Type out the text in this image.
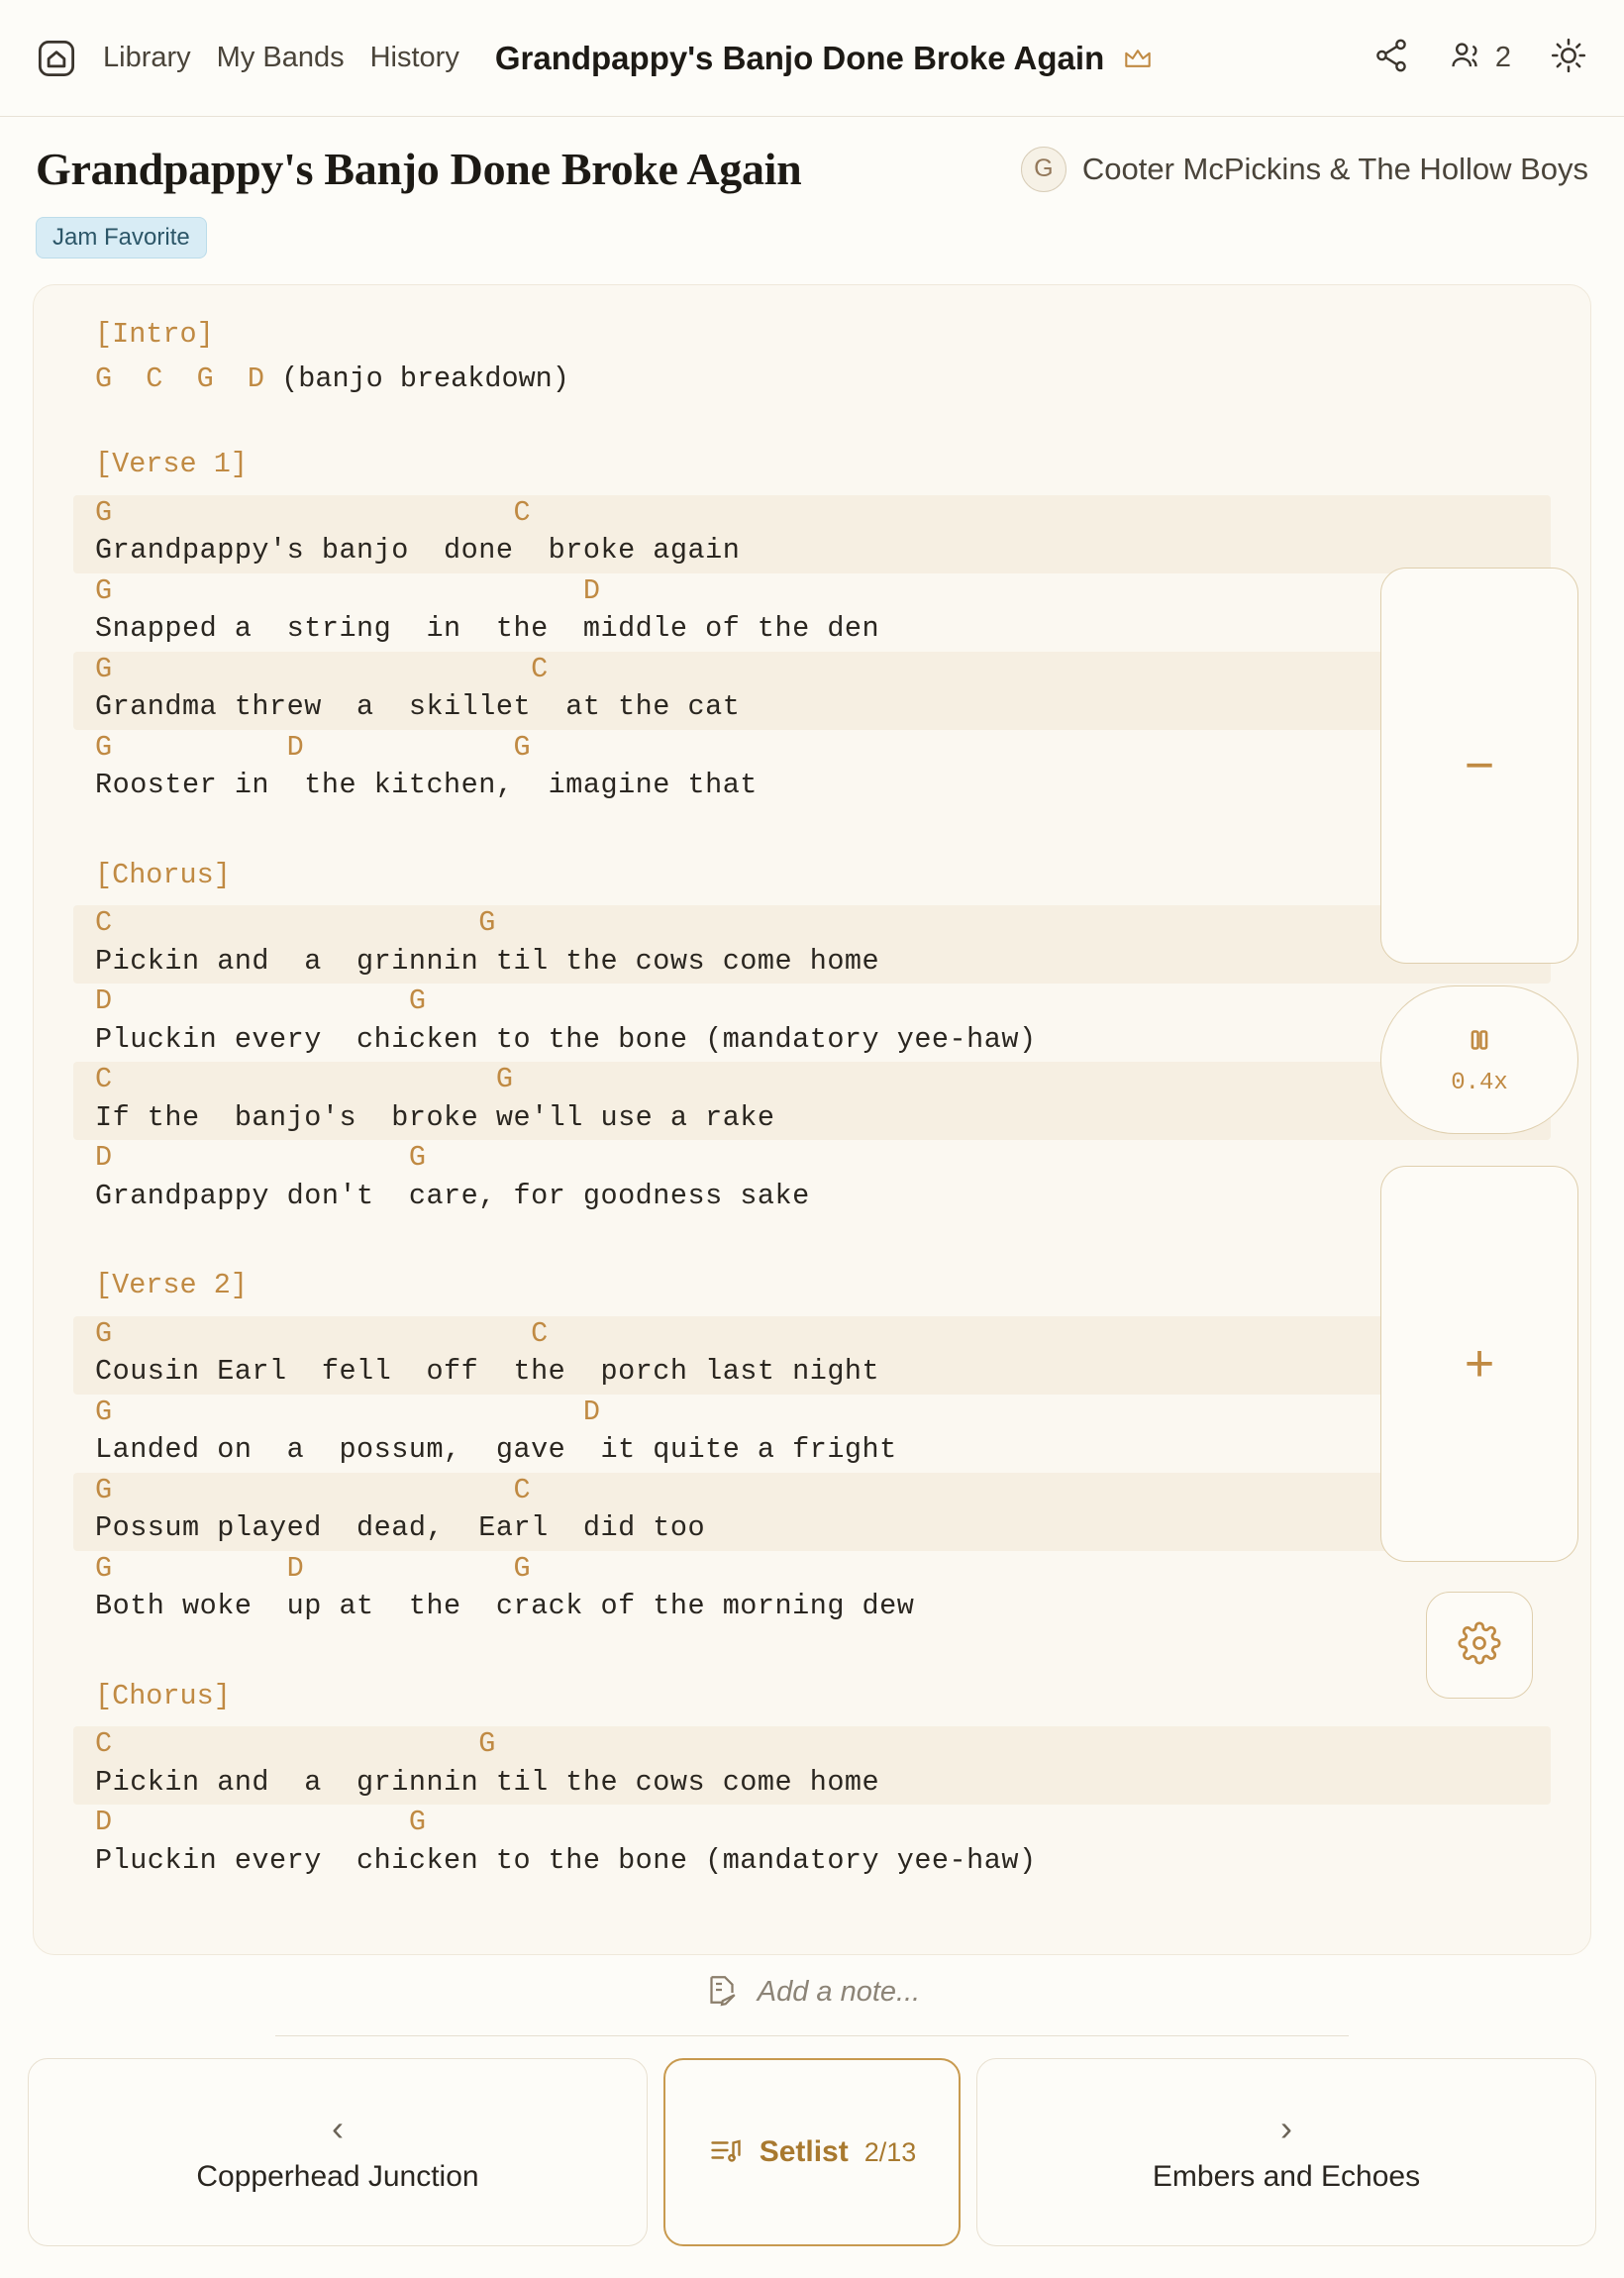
Library My Bands History Grandpappy's Banjo Done Broke Again	2
Grandpappy's Banjo Done Broke Again	G Cooter McPickins & The Hollow Boys
Jam Favorite
[Intro]
G  C  G  D (banjo breakdown)
[Verse 1]
G                       C
Grandpappy's banjo  done  broke again
G                           D
Snapped a  string  in  the  middle of the den
G                        C
Grandma threw  a  skillet  at the cat
G          D            G
Rooster in  the kitchen,  imagine that
[Chorus]
C                     G
Pickin and  a  grinnin til the cows come home
D                 G
Pluckin every  chicken to the bone (mandatory yee-haw)
C                      G
If the  banjo's  broke we'll use a rake
D                 G
Grandpappy don't  care, for goodness sake
[Verse 2]
G                        C
Cousin Earl  fell  off  the  porch last night
G                           D
Landed on  a  possum,  gave  it quite a fright
G                       C
Possum played  dead,  Earl  did too
G          D            G
Both woke  up at  the  crack of the morning dew
[Chorus]
C                     G
Pickin and  a  grinnin til the cows come home
D                 G
Pluckin every  chicken to the bone (mandatory yee-haw)
−
0.4x
+
Add a note...
‹
Copperhead Junction
Setlist 2/13
›
Embers and Echoes
